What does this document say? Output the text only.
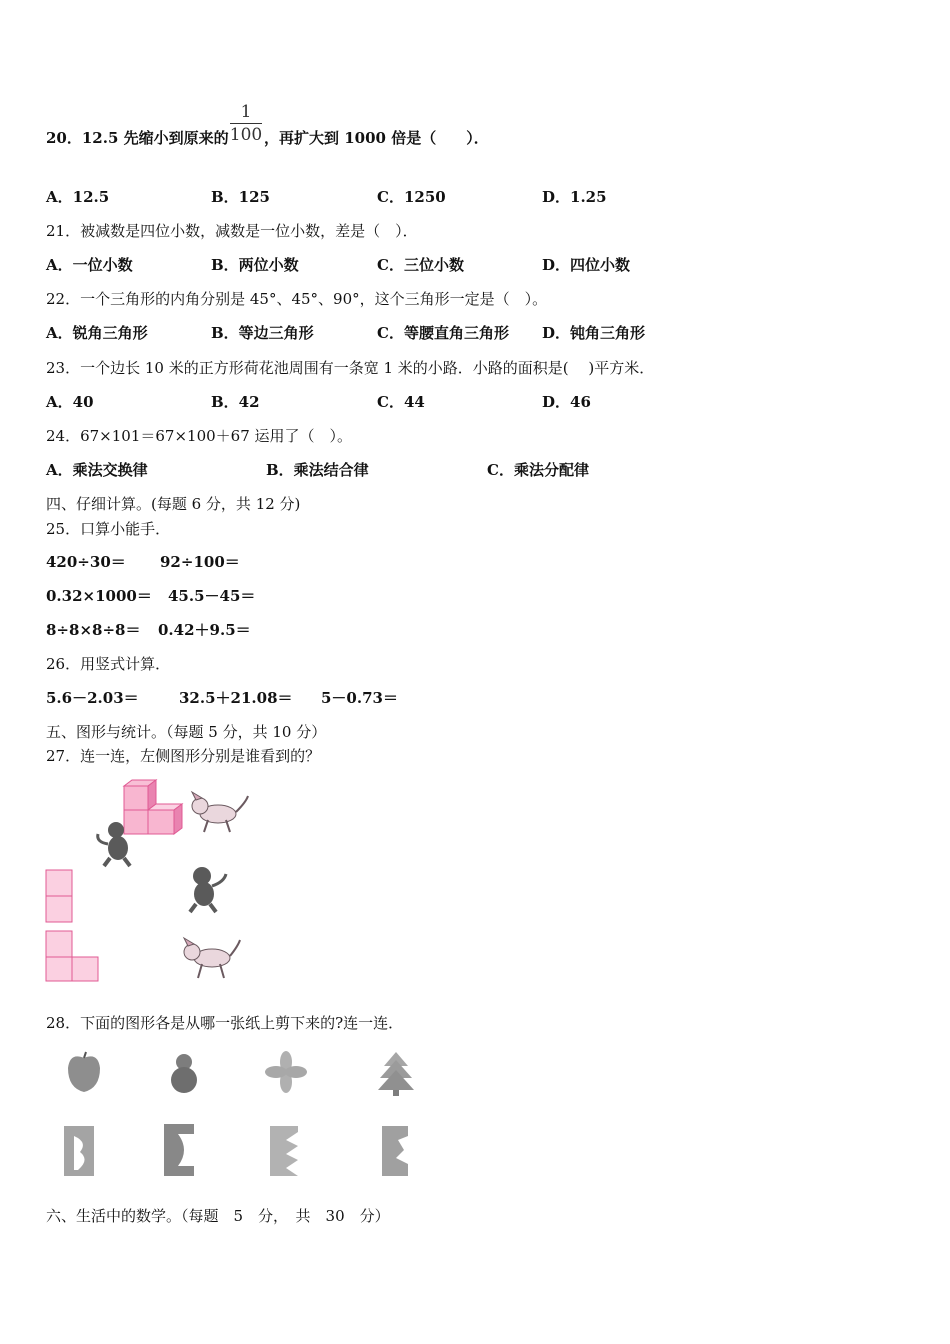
20．12.5 先缩小到原来的
1
100 ，再扩大到 1000 倍是（　　）．
A．12.5	B．125	C．1250	D．1.25
21．被减数是四位小数，减数是一位小数，差是（　）．
A．一位小数	B．两位小数	C．三位小数	D．四位小数
22．一个三角形的内角分别是 45°、45°、90°，这个三角形一定是（　）。
A．锐角三角形	B．等边三角形	C．等腰直角三角形 D．钝角三角形
23．一个边长 10 米的正方形荷花池周围有一条宽 1 米的小路．小路的面积是(　 )平方米．
A．40	B．42	C．44	D．46
24．67×101＝67×100＋67 运用了（　）。
A．乘法交换律	B．乘法结合律	C．乘法分配律
四、仔细计算。(每题 6 分，共 12 分)
25．口算小能手．
420÷30＝ 92÷100＝
0.32×1000＝ 45.5－45＝
8÷8×8÷8＝ 0.42＋9.5＝
26．用竖式计算．
5.6－2.03＝	32.5＋21.08＝ 5－0.73＝
五、图形与统计。（每题 5 分，共 10 分）
27．连一连，左侧图形分别是谁看到的？
28．下面的图形各是从哪一张纸上剪下来的?连一连．
六、生活中的数学。（每题　5　分，　共　30　分）
